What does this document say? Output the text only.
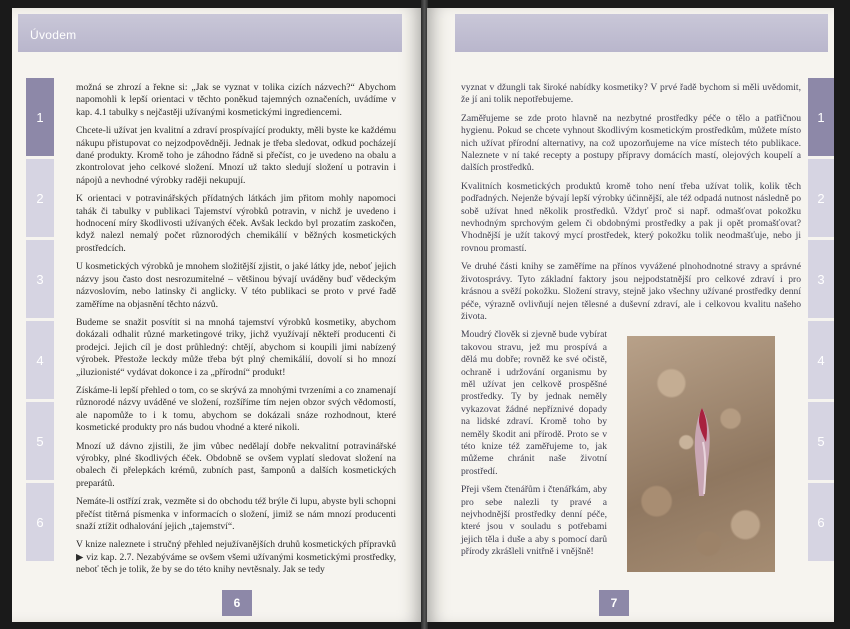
Úvodem
1
2
3
4
5
6

možná se zhrozí a řekne si: „Jak se vyznat v tolika cizích názvech?“ Abychom napomohli k lepší orientaci v těchto poněkud tajemných označeních, uvádíme v kap. 4.1 tabulky s nejčastěji užívanými kosmetickými ingrediencemi.

Chcete-li užívat jen kvalitní a zdraví prospívající produkty, měli byste ke každému nákupu přistupovat co nejzodpovědněji. Jednak je třeba sledovat, odkud pocházejí dané produkty. Kromě toho je záhodno řádně si přečíst, co je uvedeno na obalu a zkontrolovat jeho celkové složení. Mnozí už takto sledují složení u potravin i nápojů a nevhodné výrobky raději nekupují.

K orientaci v potravinářských přídatných látkách jim přitom mohly napomoci tahák či tabulky v publikaci Tajemství výrobků potravin, v nichž je uvedeno i hodnocení míry škodlivosti užívaných éček. Avšak leckdo byl prozatím zaskočen, když nalezl nemalý počet různorodých chemikálií v běžných kosmetických prostředcích.

U kosmetických výrobků je mnohem složitější zjistit, o jaké látky jde, neboť jejich názvy jsou často dost nesrozumitelné – většinou bývají uváděny buď vědeckým názvoslovím, nebo latinsky či anglicky. V této publikaci se proto v prvé řadě zaměříme na objasnění těchto názvů.

Budeme se snažit posvítit si na mnohá tajemství výrobků kosmetiky, abychom dokázali odhalit různé marketingové triky, jichž využívají někteří producenti či prodejci. Jejich cíl je dost průhledný: chtějí, abychom si koupili jimi nabízený výrobek. Přestože leckdy může třeba být plný chemikálií, dovolí si ho mnozí „iluzionisté“ vydávat dokonce i za „přírodní“ produkt!

Získáme-li lepší přehled o tom, co se skrývá za mnohými tvrzeními a co znamenají různorodé názvy uváděné ve složení, rozšíříme tím nejen obzor svých vědomostí, ale napomůže to i k tomu, abychom se dokázali snáze rozhodnout, které kosmetické produkty pro nás budou vhodné a které nikoli.

Mnozí už dávno zjistili, že jim vůbec nedělají dobře nekvalitní potravinářské výrobky, plné škodlivých éček. Obdobně se ovšem vyplatí sledovat složení na obalech či přelepkách krémů, zubních past, šamponů a dalších kosmetických preparátů.

Nemáte-li ostřízí zrak, vezměte si do obchodu též brýle či lupu, abyste byli schopni přečíst titěrná písmenka v informacích o složení, jimiž se nám mnozí producenti snaží ztížit odhalování jejich „tajemství“.

V knize naleznete i stručný přehled nejužívanějších druhů kosmetických přípravků ▶ viz kap. 2.7. Nezabýváme se ovšem všemi užívanými kosmetickými prostředky, neboť těch je tolik, že by se do této knihy nevtěsnaly. Jak se tedy

6
1
2
3
4
5
6

vyznat v džungli tak široké nabídky kosmetiky? V prvé řadě bychom si měli uvědomit, že jí ani tolik nepotřebujeme.

Zaměřujeme se zde proto hlavně na nezbytné prostředky péče o tělo a patřičnou hygienu. Pokud se chcete vyhnout škodlivým kosmetickým prostředkům, můžete místo nich užívat přírodní alternativy, na což upozorňujeme na více místech této publikace. Naleznete v ní také recepty a postupy přípravy domácích mastí, olejových koupelí a dalších prostředků.

Kvalitních kosmetických produktů kromě toho není třeba užívat tolik, kolik těch podřadných. Nejenže bývají lepší výrobky účinnější, ale též odpadá nutnost následně po sobě užívat hned několik prostředků. Vždyť proč si např. odmašťovat pokožku nevhodným sprchovým gelem či obdobnými prostředky a pak ji opět promašťovat? Vhodnější je užít takový mycí prostředek, který pokožku tolik neodmašťuje, nebo ji rovnou promastí.

Ve druhé části knihy se zaměříme na přínos vyvážené plnohodnotné stravy a správné životosprávy. Tyto základní faktory jsou nejpodstatnější pro celkové zdraví i pro krásnou a svěží pokožku. Složení stravy, stejně jako všechny užívané prostředky denní péče, výrazně ovlivňují nejen tělesné a duševní zdraví, ale i celkovou kvalitu našeho života.

Moudrý člověk si zjevně bude vybírat takovou stravu, jež mu prospívá a dělá mu dobře; rovněž ke své očistě, ochraně i udržování organismu by měl užívat jen celkově prospěšné prostředky. Ty by jednak neměly vykazovat žádné nepříznivé dopady na lidské zdraví. Kromě toho by neměly škodit ani přírodě. Proto se v této knize též zaměřujeme to, jak můžeme chránit naše životní prostředí.

Přeji všem čtenářům i čtenářkám, aby pro sebe nalezli ty pravé a nejvhodnější prostředky denní péče, které jsou v souladu s potřebami jejich těla i duše a aby s pomocí darů přírody zkrášleli vnitřně i vnějšně!

7
